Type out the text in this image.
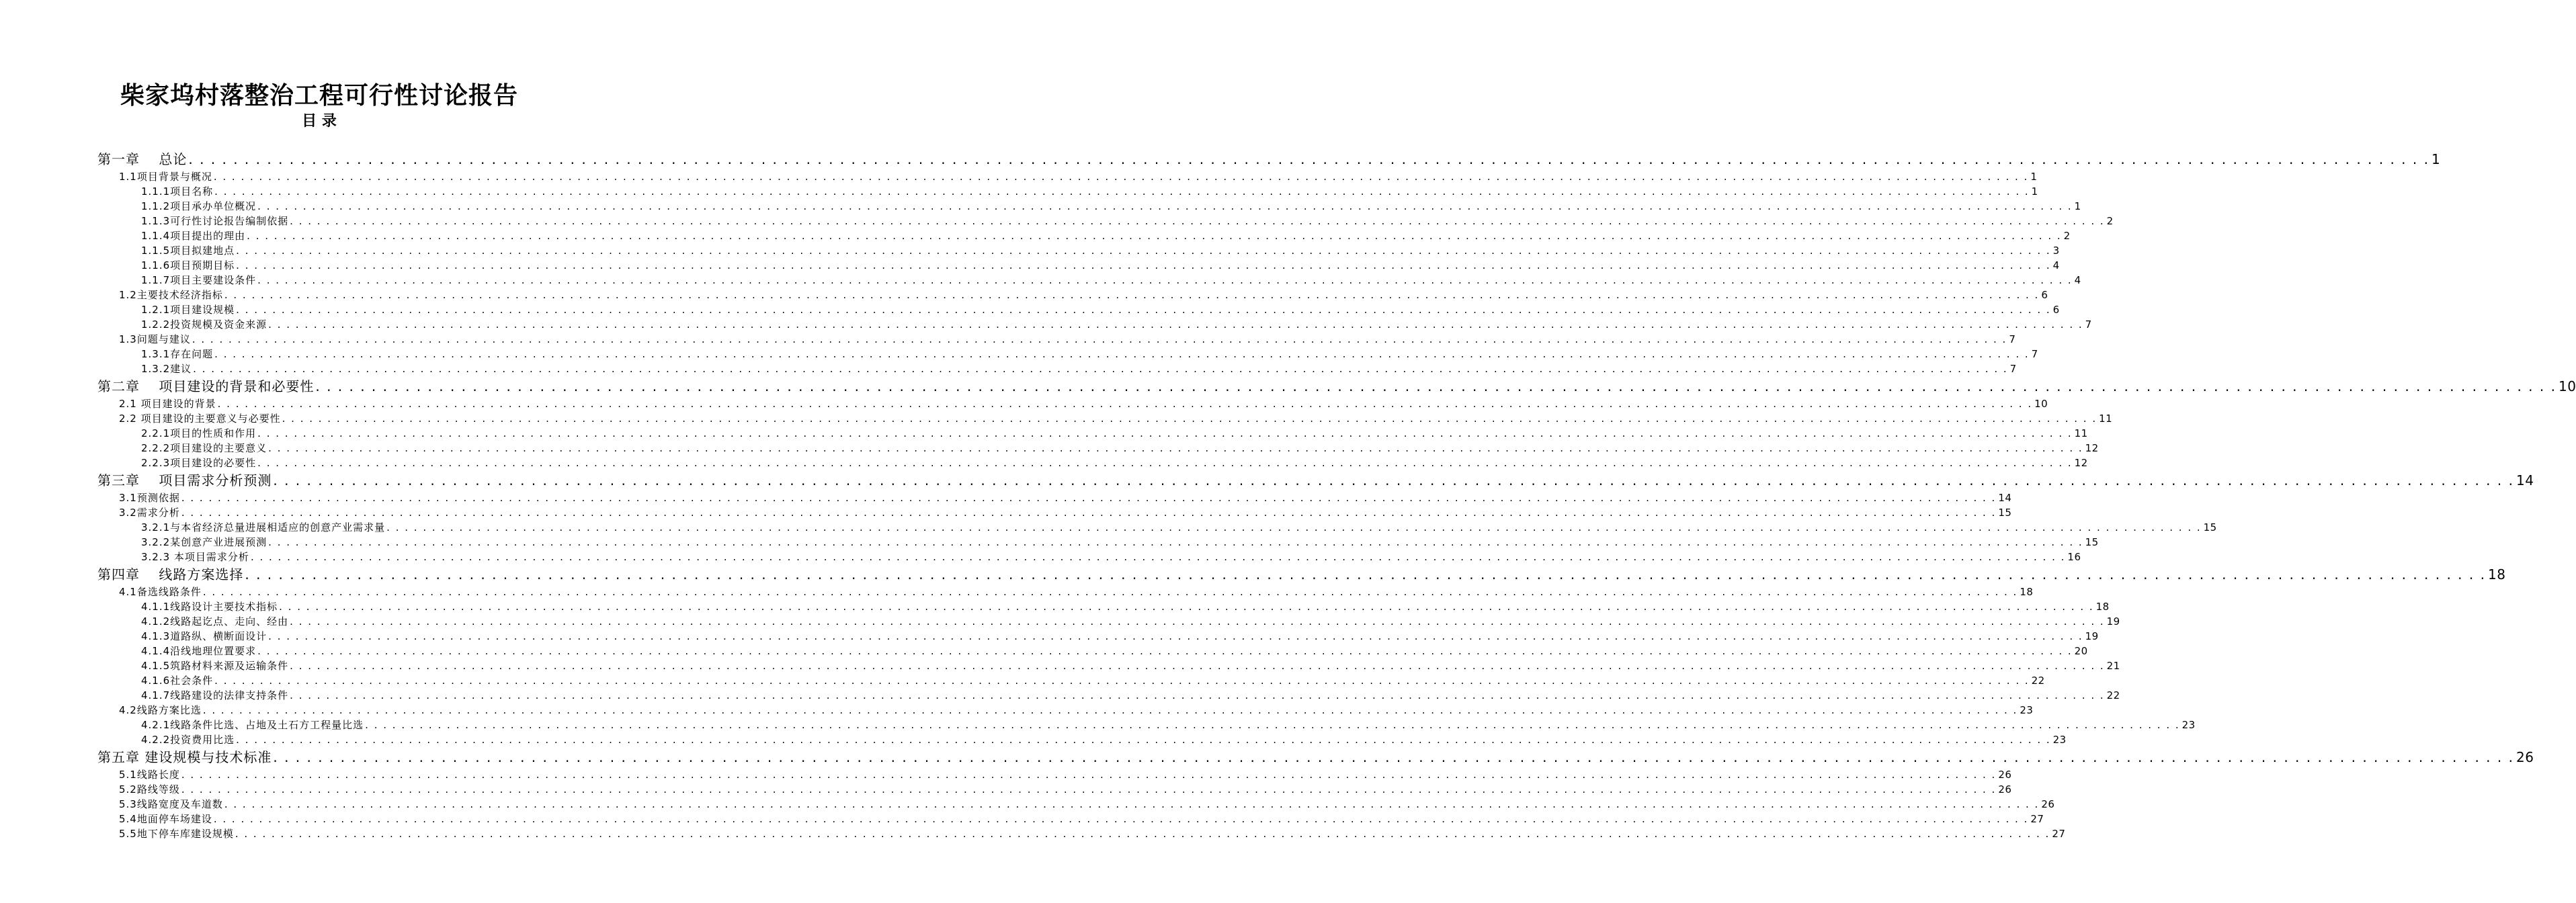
柴家坞村落整治工程可行性讨论报告
目 录
第一章　 总论 . . . . . . . . . . . . . . . . . . . . . . . . . . . . . . . . . . . . . . . . . . . . . . . . . . . . . . . . . . . . . . . . . . . . . . . . . . . . . . . . . . . . . . . . . . . . . . . . . . . . . . . . . . . . . . . . . . . . . . . . . . . . . . . . . . . . . . . . . . . . . . . . . . . . . . . . . . . . . . . . . . . . . . . . . . . . . . . . . . . . . . . . . . . . . . . . . . . . . . . . 1
1.1项目背景与概况 . . . . . . . . . . . . . . . . . . . . . . . . . . . . . . . . . . . . . . . . . . . . . . . . . . . . . . . . . . . . . . . . . . . . . . . . . . . . . . . . . . . . . . . . . . . . . . . . . . . . . . . . . . . . . . . . . . . . . . . . . . . . . . . . . . . . . . . . . . . . . . . . . . . . . . . . . . . . . . . . . . . . . . . . . . . . . . . . . . . . . . . . . . . . . . . . . . . . . . . . 1
1.1.1项目名称 . . . . . . . . . . . . . . . . . . . . . . . . . . . . . . . . . . . . . . . . . . . . . . . . . . . . . . . . . . . . . . . . . . . . . . . . . . . . . . . . . . . . . . . . . . . . . . . . . . . . . . . . . . . . . . . . . . . . . . . . . . . . . . . . . . . . . . . . . . . . . . . . . . . . . . . . . . . . . . . . . . . . . . . . . . . . . . . . . . . . . . . . . . . . . . . . . . . . . . . . 1
1.1.2项目承办单位概况 . . . . . . . . . . . . . . . . . . . . . . . . . . . . . . . . . . . . . . . . . . . . . . . . . . . . . . . . . . . . . . . . . . . . . . . . . . . . . . . . . . . . . . . . . . . . . . . . . . . . . . . . . . . . . . . . . . . . . . . . . . . . . . . . . . . . . . . . . . . . . . . . . . . . . . . . . . . . . . . . . . . . . . . . . . . . . . . . . . . . . . . . . . . . . . . . . . . . . . . . 1
1.1.3可行性讨论报告编制依据 . . . . . . . . . . . . . . . . . . . . . . . . . . . . . . . . . . . . . . . . . . . . . . . . . . . . . . . . . . . . . . . . . . . . . . . . . . . . . . . . . . . . . . . . . . . . . . . . . . . . . . . . . . . . . . . . . . . . . . . . . . . . . . . . . . . . . . . . . . . . . . . . . . . . . . . . . . . . . . . . . . . . . . . . . . . . . . . . . . . . . . . . . . . . . . . . . . . . . . . . 2
1.1.4项目提出的理由 . . . . . . . . . . . . . . . . . . . . . . . . . . . . . . . . . . . . . . . . . . . . . . . . . . . . . . . . . . . . . . . . . . . . . . . . . . . . . . . . . . . . . . . . . . . . . . . . . . . . . . . . . . . . . . . . . . . . . . . . . . . . . . . . . . . . . . . . . . . . . . . . . . . . . . . . . . . . . . . . . . . . . . . . . . . . . . . . . . . . . . . . . . . . . . . . . . . . . . . . 2
1.1.5项目拟建地点 . . . . . . . . . . . . . . . . . . . . . . . . . . . . . . . . . . . . . . . . . . . . . . . . . . . . . . . . . . . . . . . . . . . . . . . . . . . . . . . . . . . . . . . . . . . . . . . . . . . . . . . . . . . . . . . . . . . . . . . . . . . . . . . . . . . . . . . . . . . . . . . . . . . . . . . . . . . . . . . . . . . . . . . . . . . . . . . . . . . . . . . . . . . . . . . . . . . . . . . . 3
1.1.6项目预期目标 . . . . . . . . . . . . . . . . . . . . . . . . . . . . . . . . . . . . . . . . . . . . . . . . . . . . . . . . . . . . . . . . . . . . . . . . . . . . . . . . . . . . . . . . . . . . . . . . . . . . . . . . . . . . . . . . . . . . . . . . . . . . . . . . . . . . . . . . . . . . . . . . . . . . . . . . . . . . . . . . . . . . . . . . . . . . . . . . . . . . . . . . . . . . . . . . . . . . . . . . 4
1.1.7项目主要建设条件 . . . . . . . . . . . . . . . . . . . . . . . . . . . . . . . . . . . . . . . . . . . . . . . . . . . . . . . . . . . . . . . . . . . . . . . . . . . . . . . . . . . . . . . . . . . . . . . . . . . . . . . . . . . . . . . . . . . . . . . . . . . . . . . . . . . . . . . . . . . . . . . . . . . . . . . . . . . . . . . . . . . . . . . . . . . . . . . . . . . . . . . . . . . . . . . . . . . . . . . . 4
1.2主要技术经济指标 . . . . . . . . . . . . . . . . . . . . . . . . . . . . . . . . . . . . . . . . . . . . . . . . . . . . . . . . . . . . . . . . . . . . . . . . . . . . . . . . . . . . . . . . . . . . . . . . . . . . . . . . . . . . . . . . . . . . . . . . . . . . . . . . . . . . . . . . . . . . . . . . . . . . . . . . . . . . . . . . . . . . . . . . . . . . . . . . . . . . . . . . . . . . . . . . . . . . . . . . 6
1.2.1项目建设规模 . . . . . . . . . . . . . . . . . . . . . . . . . . . . . . . . . . . . . . . . . . . . . . . . . . . . . . . . . . . . . . . . . . . . . . . . . . . . . . . . . . . . . . . . . . . . . . . . . . . . . . . . . . . . . . . . . . . . . . . . . . . . . . . . . . . . . . . . . . . . . . . . . . . . . . . . . . . . . . . . . . . . . . . . . . . . . . . . . . . . . . . . . . . . . . . . . . . . . . . . 6
1.2.2投资规模及资金来源 . . . . . . . . . . . . . . . . . . . . . . . . . . . . . . . . . . . . . . . . . . . . . . . . . . . . . . . . . . . . . . . . . . . . . . . . . . . . . . . . . . . . . . . . . . . . . . . . . . . . . . . . . . . . . . . . . . . . . . . . . . . . . . . . . . . . . . . . . . . . . . . . . . . . . . . . . . . . . . . . . . . . . . . . . . . . . . . . . . . . . . . . . . . . . . . . . . . . . . . . 7
1.3问题与建议 . . . . . . . . . . . . . . . . . . . . . . . . . . . . . . . . . . . . . . . . . . . . . . . . . . . . . . . . . . . . . . . . . . . . . . . . . . . . . . . . . . . . . . . . . . . . . . . . . . . . . . . . . . . . . . . . . . . . . . . . . . . . . . . . . . . . . . . . . . . . . . . . . . . . . . . . . . . . . . . . . . . . . . . . . . . . . . . . . . . . . . . . . . . . . . . . . . . . . . . . 7
1.3.1存在问题 . . . . . . . . . . . . . . . . . . . . . . . . . . . . . . . . . . . . . . . . . . . . . . . . . . . . . . . . . . . . . . . . . . . . . . . . . . . . . . . . . . . . . . . . . . . . . . . . . . . . . . . . . . . . . . . . . . . . . . . . . . . . . . . . . . . . . . . . . . . . . . . . . . . . . . . . . . . . . . . . . . . . . . . . . . . . . . . . . . . . . . . . . . . . . . . . . . . . . . . . 7
1.3.2建议 . . . . . . . . . . . . . . . . . . . . . . . . . . . . . . . . . . . . . . . . . . . . . . . . . . . . . . . . . . . . . . . . . . . . . . . . . . . . . . . . . . . . . . . . . . . . . . . . . . . . . . . . . . . . . . . . . . . . . . . . . . . . . . . . . . . . . . . . . . . . . . . . . . . . . . . . . . . . . . . . . . . . . . . . . . . . . . . . . . . . . . . . . . . . . . . . . . . . . . . . 7
第二章　 项目建设的背景和必要性 . . . . . . . . . . . . . . . . . . . . . . . . . . . . . . . . . . . . . . . . . . . . . . . . . . . . . . . . . . . . . . . . . . . . . . . . . . . . . . . . . . . . . . . . . . . . . . . . . . . . . . . . . . . . . . . . . . . . . . . . . . . . . . . . . . . . . . . . . . . . . . . . . . . . . . . . . . . . . . . . . . . . . . . . . . . . . . . . . . . . . . . . . . . . . . . . . . . . . . . . 10
2.1 项目建设的背景 . . . . . . . . . . . . . . . . . . . . . . . . . . . . . . . . . . . . . . . . . . . . . . . . . . . . . . . . . . . . . . . . . . . . . . . . . . . . . . . . . . . . . . . . . . . . . . . . . . . . . . . . . . . . . . . . . . . . . . . . . . . . . . . . . . . . . . . . . . . . . . . . . . . . . . . . . . . . . . . . . . . . . . . . . . . . . . . . . . . . . . . . . . . . . . . . . . . . . . . . 10
2.2 项目建设的主要意义与必要性 . . . . . . . . . . . . . . . . . . . . . . . . . . . . . . . . . . . . . . . . . . . . . . . . . . . . . . . . . . . . . . . . . . . . . . . . . . . . . . . . . . . . . . . . . . . . . . . . . . . . . . . . . . . . . . . . . . . . . . . . . . . . . . . . . . . . . . . . . . . . . . . . . . . . . . . . . . . . . . . . . . . . . . . . . . . . . . . . . . . . . . . . . . . . . . . . . . . . . . . . 11
2.2.1项目的性质和作用 . . . . . . . . . . . . . . . . . . . . . . . . . . . . . . . . . . . . . . . . . . . . . . . . . . . . . . . . . . . . . . . . . . . . . . . . . . . . . . . . . . . . . . . . . . . . . . . . . . . . . . . . . . . . . . . . . . . . . . . . . . . . . . . . . . . . . . . . . . . . . . . . . . . . . . . . . . . . . . . . . . . . . . . . . . . . . . . . . . . . . . . . . . . . . . . . . . . . . . . . 11
2.2.2项目建设的主要意义 . . . . . . . . . . . . . . . . . . . . . . . . . . . . . . . . . . . . . . . . . . . . . . . . . . . . . . . . . . . . . . . . . . . . . . . . . . . . . . . . . . . . . . . . . . . . . . . . . . . . . . . . . . . . . . . . . . . . . . . . . . . . . . . . . . . . . . . . . . . . . . . . . . . . . . . . . . . . . . . . . . . . . . . . . . . . . . . . . . . . . . . . . . . . . . . . . . . . . . . . 12
2.2.3项目建设的必要性 . . . . . . . . . . . . . . . . . . . . . . . . . . . . . . . . . . . . . . . . . . . . . . . . . . . . . . . . . . . . . . . . . . . . . . . . . . . . . . . . . . . . . . . . . . . . . . . . . . . . . . . . . . . . . . . . . . . . . . . . . . . . . . . . . . . . . . . . . . . . . . . . . . . . . . . . . . . . . . . . . . . . . . . . . . . . . . . . . . . . . . . . . . . . . . . . . . . . . . . . 12
第三章　 项目需求分析预测 . . . . . . . . . . . . . . . . . . . . . . . . . . . . . . . . . . . . . . . . . . . . . . . . . . . . . . . . . . . . . . . . . . . . . . . . . . . . . . . . . . . . . . . . . . . . . . . . . . . . . . . . . . . . . . . . . . . . . . . . . . . . . . . . . . . . . . . . . . . . . . . . . . . . . . . . . . . . . . . . . . . . . . . . . . . . . . . . . . . . . . . . . . . . . . . . . . . . . . . . 14
3.1预测依据 . . . . . . . . . . . . . . . . . . . . . . . . . . . . . . . . . . . . . . . . . . . . . . . . . . . . . . . . . . . . . . . . . . . . . . . . . . . . . . . . . . . . . . . . . . . . . . . . . . . . . . . . . . . . . . . . . . . . . . . . . . . . . . . . . . . . . . . . . . . . . . . . . . . . . . . . . . . . . . . . . . . . . . . . . . . . . . . . . . . . . . . . . . . . . . . . . . . . . . . . 14
3.2需求分析 . . . . . . . . . . . . . . . . . . . . . . . . . . . . . . . . . . . . . . . . . . . . . . . . . . . . . . . . . . . . . . . . . . . . . . . . . . . . . . . . . . . . . . . . . . . . . . . . . . . . . . . . . . . . . . . . . . . . . . . . . . . . . . . . . . . . . . . . . . . . . . . . . . . . . . . . . . . . . . . . . . . . . . . . . . . . . . . . . . . . . . . . . . . . . . . . . . . . . . . . 15
3.2.1与本省经济总量进展相适应的创意产业需求量 . . . . . . . . . . . . . . . . . . . . . . . . . . . . . . . . . . . . . . . . . . . . . . . . . . . . . . . . . . . . . . . . . . . . . . . . . . . . . . . . . . . . . . . . . . . . . . . . . . . . . . . . . . . . . . . . . . . . . . . . . . . . . . . . . . . . . . . . . . . . . . . . . . . . . . . . . . . . . . . . . . . . . . . . . . . . . . . . . . . . . . . . . . . . . . . . . . . . . . . . 15
3.2.2某创意产业进展预测 . . . . . . . . . . . . . . . . . . . . . . . . . . . . . . . . . . . . . . . . . . . . . . . . . . . . . . . . . . . . . . . . . . . . . . . . . . . . . . . . . . . . . . . . . . . . . . . . . . . . . . . . . . . . . . . . . . . . . . . . . . . . . . . . . . . . . . . . . . . . . . . . . . . . . . . . . . . . . . . . . . . . . . . . . . . . . . . . . . . . . . . . . . . . . . . . . . . . . . . . 15
3.2.3 本项目需求分析 . . . . . . . . . . . . . . . . . . . . . . . . . . . . . . . . . . . . . . . . . . . . . . . . . . . . . . . . . . . . . . . . . . . . . . . . . . . . . . . . . . . . . . . . . . . . . . . . . . . . . . . . . . . . . . . . . . . . . . . . . . . . . . . . . . . . . . . . . . . . . . . . . . . . . . . . . . . . . . . . . . . . . . . . . . . . . . . . . . . . . . . . . . . . . . . . . . . . . . . . 16
第四章　 线路方案选择 . . . . . . . . . . . . . . . . . . . . . . . . . . . . . . . . . . . . . . . . . . . . . . . . . . . . . . . . . . . . . . . . . . . . . . . . . . . . . . . . . . . . . . . . . . . . . . . . . . . . . . . . . . . . . . . . . . . . . . . . . . . . . . . . . . . . . . . . . . . . . . . . . . . . . . . . . . . . . . . . . . . . . . . . . . . . . . . . . . . . . . . . . . . . . . . . . . . . . . . . 18
4.1备选线路条件 . . . . . . . . . . . . . . . . . . . . . . . . . . . . . . . . . . . . . . . . . . . . . . . . . . . . . . . . . . . . . . . . . . . . . . . . . . . . . . . . . . . . . . . . . . . . . . . . . . . . . . . . . . . . . . . . . . . . . . . . . . . . . . . . . . . . . . . . . . . . . . . . . . . . . . . . . . . . . . . . . . . . . . . . . . . . . . . . . . . . . . . . . . . . . . . . . . . . . . . . 18
4.1.1线路设计主要技术指标 . . . . . . . . . . . . . . . . . . . . . . . . . . . . . . . . . . . . . . . . . . . . . . . . . . . . . . . . . . . . . . . . . . . . . . . . . . . . . . . . . . . . . . . . . . . . . . . . . . . . . . . . . . . . . . . . . . . . . . . . . . . . . . . . . . . . . . . . . . . . . . . . . . . . . . . . . . . . . . . . . . . . . . . . . . . . . . . . . . . . . . . . . . . . . . . . . . . . . . . . 18
4.1.2线路起讫点、走向、经由 . . . . . . . . . . . . . . . . . . . . . . . . . . . . . . . . . . . . . . . . . . . . . . . . . . . . . . . . . . . . . . . . . . . . . . . . . . . . . . . . . . . . . . . . . . . . . . . . . . . . . . . . . . . . . . . . . . . . . . . . . . . . . . . . . . . . . . . . . . . . . . . . . . . . . . . . . . . . . . . . . . . . . . . . . . . . . . . . . . . . . . . . . . . . . . . . . . . . . . . . 19
4.1.3道路纵、横断面设计 . . . . . . . . . . . . . . . . . . . . . . . . . . . . . . . . . . . . . . . . . . . . . . . . . . . . . . . . . . . . . . . . . . . . . . . . . . . . . . . . . . . . . . . . . . . . . . . . . . . . . . . . . . . . . . . . . . . . . . . . . . . . . . . . . . . . . . . . . . . . . . . . . . . . . . . . . . . . . . . . . . . . . . . . . . . . . . . . . . . . . . . . . . . . . . . . . . . . . . . . 19
4.1.4沿线地理位置要求 . . . . . . . . . . . . . . . . . . . . . . . . . . . . . . . . . . . . . . . . . . . . . . . . . . . . . . . . . . . . . . . . . . . . . . . . . . . . . . . . . . . . . . . . . . . . . . . . . . . . . . . . . . . . . . . . . . . . . . . . . . . . . . . . . . . . . . . . . . . . . . . . . . . . . . . . . . . . . . . . . . . . . . . . . . . . . . . . . . . . . . . . . . . . . . . . . . . . . . . . 20
4.1.5筑路材料来源及运输条件 . . . . . . . . . . . . . . . . . . . . . . . . . . . . . . . . . . . . . . . . . . . . . . . . . . . . . . . . . . . . . . . . . . . . . . . . . . . . . . . . . . . . . . . . . . . . . . . . . . . . . . . . . . . . . . . . . . . . . . . . . . . . . . . . . . . . . . . . . . . . . . . . . . . . . . . . . . . . . . . . . . . . . . . . . . . . . . . . . . . . . . . . . . . . . . . . . . . . . . . . 21
4.1.6社会条件 . . . . . . . . . . . . . . . . . . . . . . . . . . . . . . . . . . . . . . . . . . . . . . . . . . . . . . . . . . . . . . . . . . . . . . . . . . . . . . . . . . . . . . . . . . . . . . . . . . . . . . . . . . . . . . . . . . . . . . . . . . . . . . . . . . . . . . . . . . . . . . . . . . . . . . . . . . . . . . . . . . . . . . . . . . . . . . . . . . . . . . . . . . . . . . . . . . . . . . . . 22
4.1.7线路建设的法律支持条件 . . . . . . . . . . . . . . . . . . . . . . . . . . . . . . . . . . . . . . . . . . . . . . . . . . . . . . . . . . . . . . . . . . . . . . . . . . . . . . . . . . . . . . . . . . . . . . . . . . . . . . . . . . . . . . . . . . . . . . . . . . . . . . . . . . . . . . . . . . . . . . . . . . . . . . . . . . . . . . . . . . . . . . . . . . . . . . . . . . . . . . . . . . . . . . . . . . . . . . . . 22
4.2线路方案比选 . . . . . . . . . . . . . . . . . . . . . . . . . . . . . . . . . . . . . . . . . . . . . . . . . . . . . . . . . . . . . . . . . . . . . . . . . . . . . . . . . . . . . . . . . . . . . . . . . . . . . . . . . . . . . . . . . . . . . . . . . . . . . . . . . . . . . . . . . . . . . . . . . . . . . . . . . . . . . . . . . . . . . . . . . . . . . . . . . . . . . . . . . . . . . . . . . . . . . . . . 23
4.2.1线路条件比选、占地及土石方工程量比选 . . . . . . . . . . . . . . . . . . . . . . . . . . . . . . . . . . . . . . . . . . . . . . . . . . . . . . . . . . . . . . . . . . . . . . . . . . . . . . . . . . . . . . . . . . . . . . . . . . . . . . . . . . . . . . . . . . . . . . . . . . . . . . . . . . . . . . . . . . . . . . . . . . . . . . . . . . . . . . . . . . . . . . . . . . . . . . . . . . . . . . . . . . . . . . . . . . . . . . . . 23
4.2.2投资费用比选 . . . . . . . . . . . . . . . . . . . . . . . . . . . . . . . . . . . . . . . . . . . . . . . . . . . . . . . . . . . . . . . . . . . . . . . . . . . . . . . . . . . . . . . . . . . . . . . . . . . . . . . . . . . . . . . . . . . . . . . . . . . . . . . . . . . . . . . . . . . . . . . . . . . . . . . . . . . . . . . . . . . . . . . . . . . . . . . . . . . . . . . . . . . . . . . . . . . . . . . . 23
第五章 建设规模与技术标准 . . . . . . . . . . . . . . . . . . . . . . . . . . . . . . . . . . . . . . . . . . . . . . . . . . . . . . . . . . . . . . . . . . . . . . . . . . . . . . . . . . . . . . . . . . . . . . . . . . . . . . . . . . . . . . . . . . . . . . . . . . . . . . . . . . . . . . . . . . . . . . . . . . . . . . . . . . . . . . . . . . . . . . . . . . . . . . . . . . . . . . . . . . . . . . . . . . . . . . . . 26
5.1线路长度 . . . . . . . . . . . . . . . . . . . . . . . . . . . . . . . . . . . . . . . . . . . . . . . . . . . . . . . . . . . . . . . . . . . . . . . . . . . . . . . . . . . . . . . . . . . . . . . . . . . . . . . . . . . . . . . . . . . . . . . . . . . . . . . . . . . . . . . . . . . . . . . . . . . . . . . . . . . . . . . . . . . . . . . . . . . . . . . . . . . . . . . . . . . . . . . . . . . . . . . . 26
5.2路线等级 . . . . . . . . . . . . . . . . . . . . . . . . . . . . . . . . . . . . . . . . . . . . . . . . . . . . . . . . . . . . . . . . . . . . . . . . . . . . . . . . . . . . . . . . . . . . . . . . . . . . . . . . . . . . . . . . . . . . . . . . . . . . . . . . . . . . . . . . . . . . . . . . . . . . . . . . . . . . . . . . . . . . . . . . . . . . . . . . . . . . . . . . . . . . . . . . . . . . . . . . 26
5.3线路宽度及车道数 . . . . . . . . . . . . . . . . . . . . . . . . . . . . . . . . . . . . . . . . . . . . . . . . . . . . . . . . . . . . . . . . . . . . . . . . . . . . . . . . . . . . . . . . . . . . . . . . . . . . . . . . . . . . . . . . . . . . . . . . . . . . . . . . . . . . . . . . . . . . . . . . . . . . . . . . . . . . . . . . . . . . . . . . . . . . . . . . . . . . . . . . . . . . . . . . . . . . . . . . 26
5.4地面停车场建设 . . . . . . . . . . . . . . . . . . . . . . . . . . . . . . . . . . . . . . . . . . . . . . . . . . . . . . . . . . . . . . . . . . . . . . . . . . . . . . . . . . . . . . . . . . . . . . . . . . . . . . . . . . . . . . . . . . . . . . . . . . . . . . . . . . . . . . . . . . . . . . . . . . . . . . . . . . . . . . . . . . . . . . . . . . . . . . . . . . . . . . . . . . . . . . . . . . . . . . . . 27
5.5地下停车库建设规模 . . . . . . . . . . . . . . . . . . . . . . . . . . . . . . . . . . . . . . . . . . . . . . . . . . . . . . . . . . . . . . . . . . . . . . . . . . . . . . . . . . . . . . . . . . . . . . . . . . . . . . . . . . . . . . . . . . . . . . . . . . . . . . . . . . . . . . . . . . . . . . . . . . . . . . . . . . . . . . . . . . . . . . . . . . . . . . . . . . . . . . . . . . . . . . . . . . . . . . . . 27
